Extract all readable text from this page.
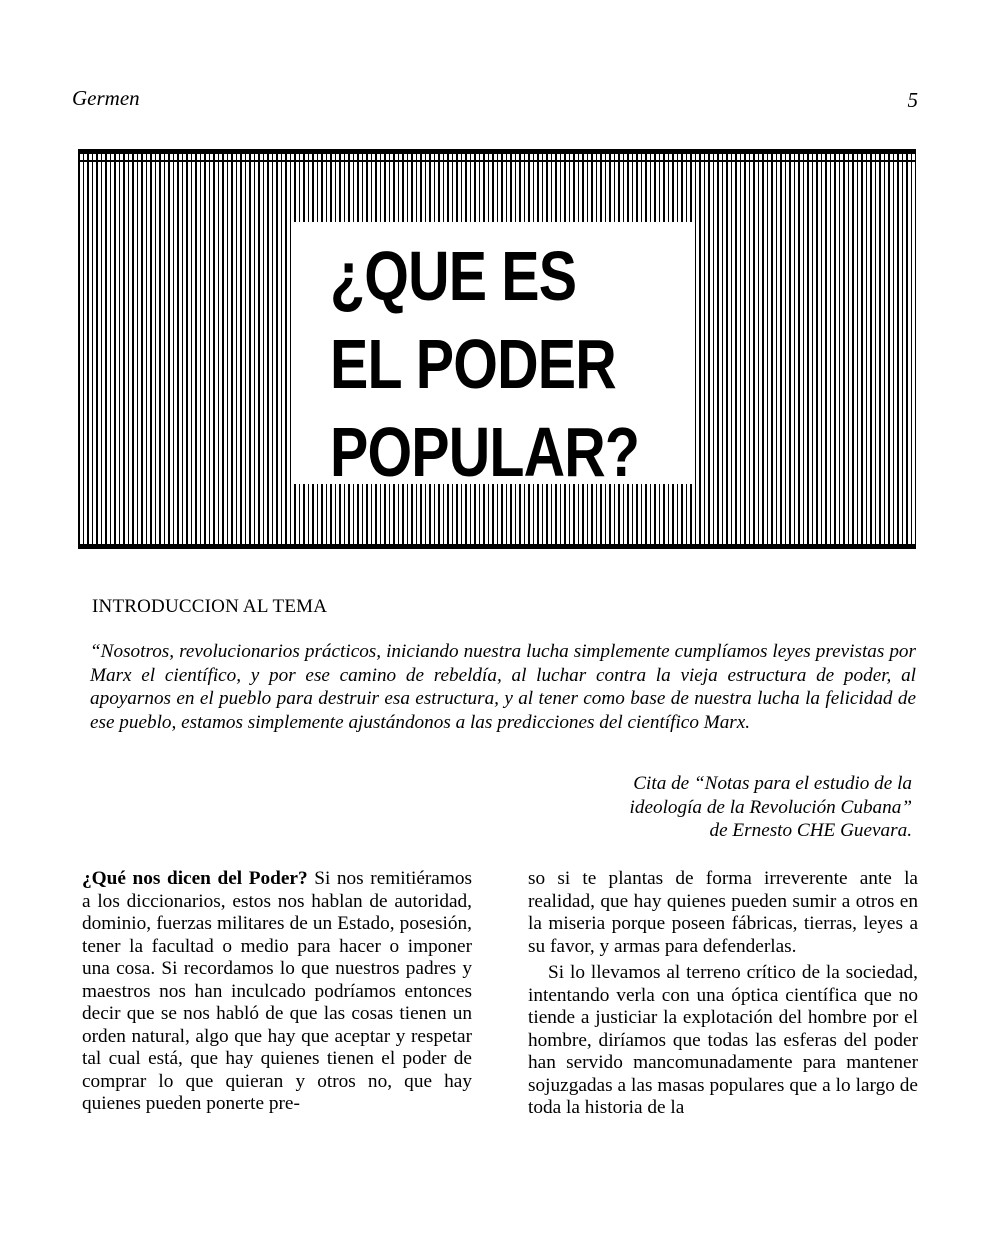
Germen	5
¿QUE ES
EL PODER
POPULAR?
INTRODUCCION AL TEMA

“Nosotros, revolucionarios prácticos, iniciando nuestra lucha simplemente cumplíamos leyes previstas por Marx el científico, y por ese camino de rebeldía, al luchar contra la vieja estructura de poder, al apoyarnos en el pueblo para destruir esa estructura, y al tener como base de nuestra lucha la felicidad de ese pueblo, estamos simplemente ajustándonos a las predicciones del científico Marx.

Cita de “Notas para el estudio de la
ideología de la Revolución Cubana”
de Ernesto CHE Guevara.

¿Qué nos dicen del Poder? Si nos remitiéramos a los diccionarios, estos nos hablan de autoridad, dominio, fuerzas militares de un Estado, posesión, tener la facultad o medio para hacer o imponer una cosa. Si recordamos lo que nuestros padres y maestros nos han inculcado podríamos entonces decir que se nos habló de que las cosas tienen un orden natural, algo que hay que aceptar y respetar tal cual está, que hay quienes tienen el poder de comprar lo que quieran y otros no, que hay quienes pueden ponerte pre-

so si te plantas de forma irreverente ante la realidad, que hay quienes pueden sumir a otros en la miseria porque poseen fábricas, tierras, leyes a su favor, y armas para defenderlas.

Si lo llevamos al terreno crítico de la sociedad, intentando verla con una óptica científica que no tiende a justiciar la explotación del hombre por el hombre, diríamos que todas las esferas del poder han servido mancomunadamente para mantener sojuzgadas a las masas populares que a lo largo de toda la historia de la
